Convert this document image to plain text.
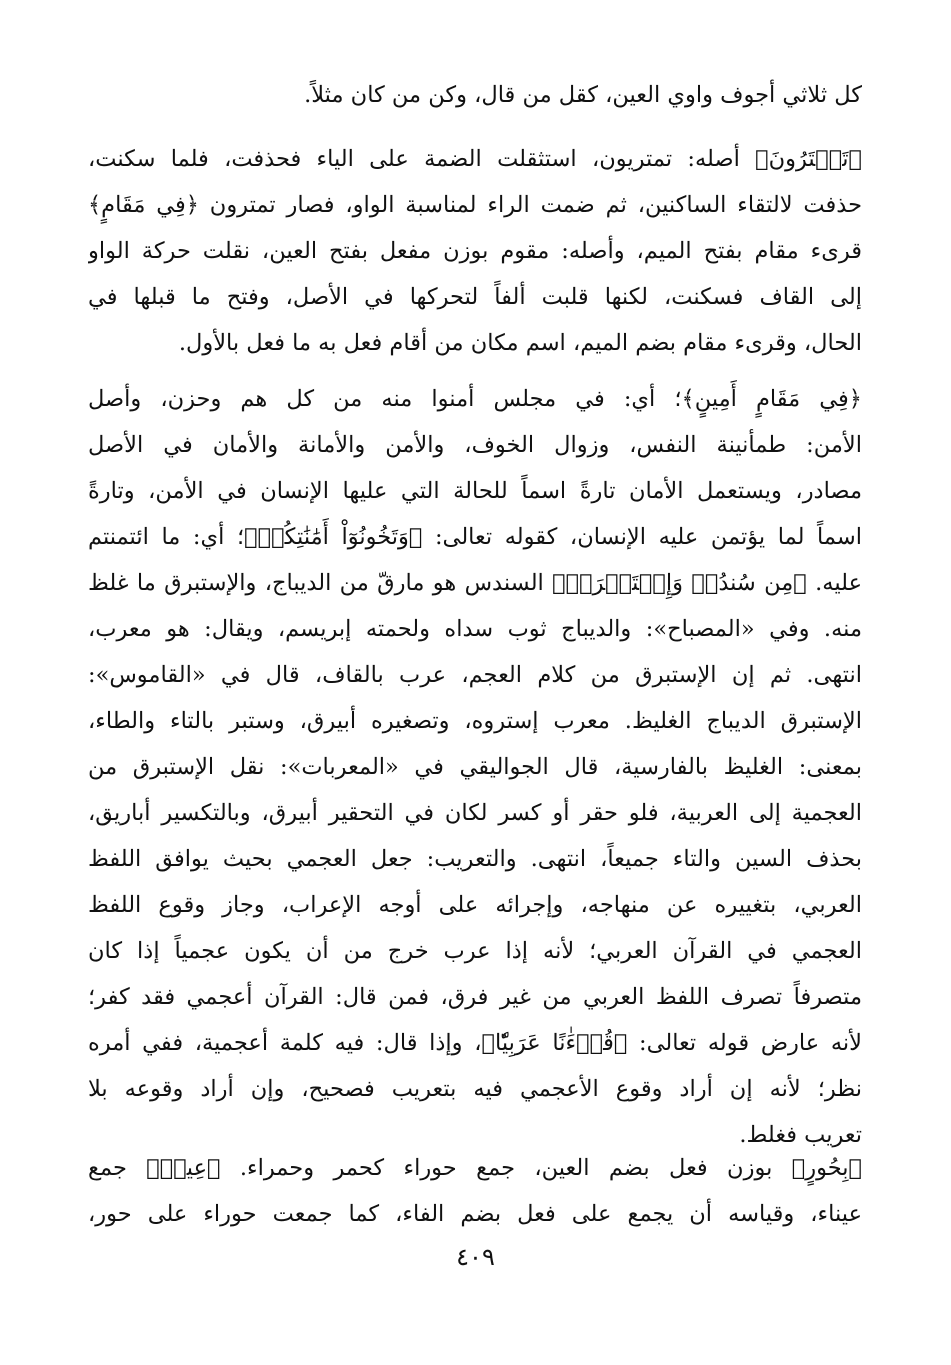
كل ثلاثي أجوف واوي العين، كقل من قال، وكن من كان مثلاً.
﴿تَمۡتَرُونَ﴾ أصله: تمتريون، استثقلت الضمة على الياء فحذفت، فلما سكنت،
حذفت لالتقاء الساكنين، ثم ضمت الراء لمناسبة الواو، فصار تمترون ﴿فِي مَقَامٍ﴾
قرىء مقام بفتح الميم، وأصله: مقوم بوزن مفعل بفتح العين، نقلت حركة الواو
إلى القاف فسكنت، لكنها قلبت ألفاً لتحركها في الأصل، وفتح ما قبلها في
الحال، وقرىء مقام بضم الميم، اسم مكان من أقام فعل به ما فعل بالأول.
﴿فِي مَقَامٍ أَمِينٍ﴾؛ أي: في مجلس أمنوا منه من كل هم وحزن، وأصل
الأمن: طمأنينة النفس، وزوال الخوف، والأمن والأمانة والأمان في الأصل
مصادر، ويستعمل الأمان تارةً اسماً للحالة التي عليها الإنسان في الأمن، وتارةً
اسماً لما يؤتمن عليه الإنسان، كقوله تعالى: ﴿وَتَخُونُوٓاْ أَمَٰنَٰتِكُمۡ﴾؛ أي: ما ائتمنتم
عليه. ﴿مِن سُندُسٖ وَإِسۡتَبۡرَقٖ﴾ السندس هو مارقّ من الديباج، والإستبرق ما غلظ
منه. وفي «المصباح»: والديباج ثوب سداه ولحمته إبريسم، ويقال: هو معرب،
انتهى. ثم إن الإستبرق من كلام العجم، عرب بالقاف، قال في «القاموس»:
الإستبرق الديباج الغليظ. معرب إستروه، وتصغيره أبيرق، وستبر بالتاء والطاء،
بمعنى: الغليظ بالفارسية، قال الجواليقي في «المعربات»: نقل الإستبرق من
العجمية إلى العربية، فلو حقر أو كسر لكان في التحقير أبيرق، وبالتكسير أباريق،
بحذف السين والتاء جميعاً، انتهى. والتعريب: جعل العجمي بحيث يوافق اللفظ
العربي، بتغييره عن منهاجه، وإجرائه على أوجه الإعراب، وجاز وقوع اللفظ
العجمي في القرآن العربي؛ لأنه إذا عرب خرج من أن يكون عجمياً إذا كان
متصرفاً تصرف اللفظ العربي من غير فرق، فمن قال: القرآن أعجمي فقد كفر؛
لأنه عارض قوله تعالى: ﴿قُرۡءَٰنًا عَرَبِيّٗا﴾، وإذا قال: فيه كلمة أعجمية، ففي أمره
نظر؛ لأنه إن أراد وقوع الأعجمي فيه بتعريب فصحيح، وإن أراد وقوعه بلا
تعريب فغلط.
﴿بِحُورٍ﴾ بوزن فعل بضم العين، جمع حوراء كحمر وحمراء. ﴿عِينٖ﴾ جمع
عيناء، وقياسه أن يجمع على فعل بضم الفاء، كما جمعت حوراء على حور،
٤٠٩
